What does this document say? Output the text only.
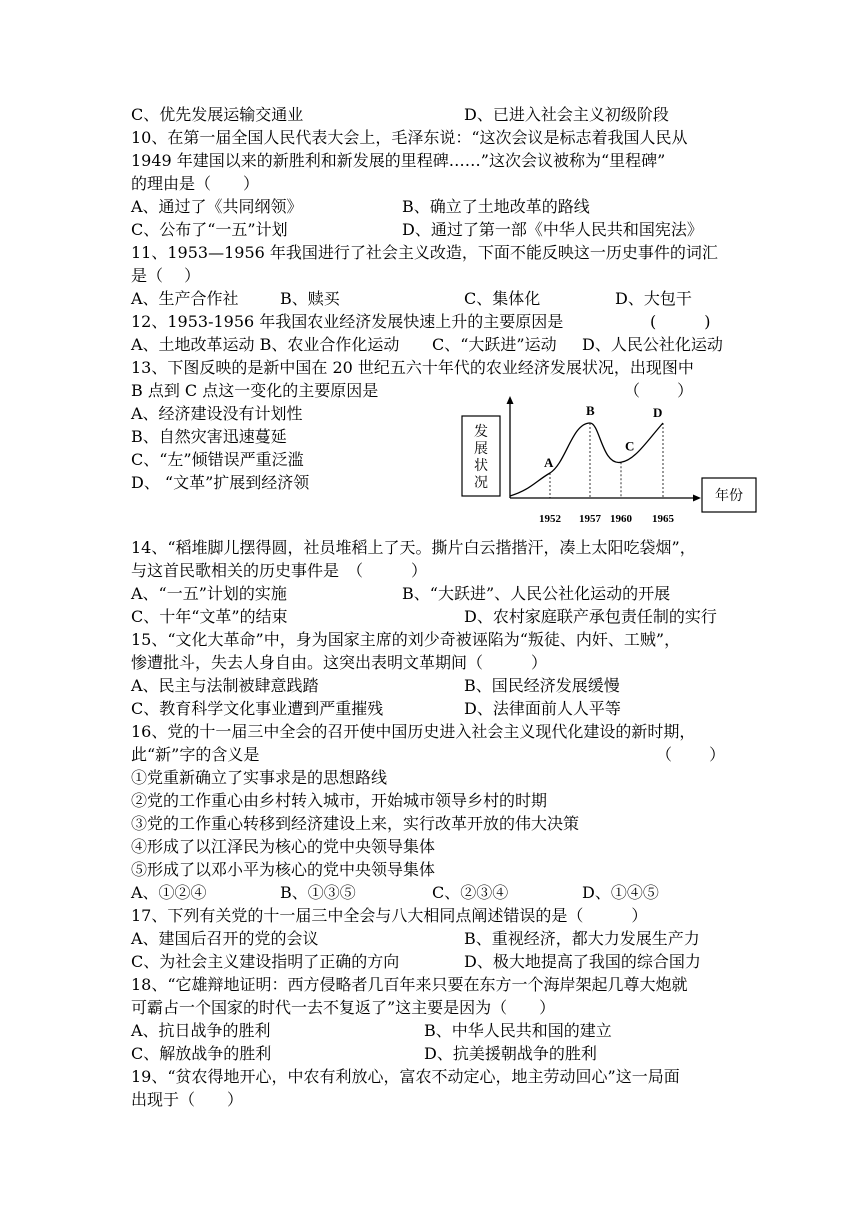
C、优先发展运输交通业	D、已进入社会主义初级阶段
10、在第一届全国人民代表大会上，毛泽东说：“这次会议是标志着我国人民从
1949 年建国以来的新胜利和新发展的里程碑……”这次会议被称为“里程碑”
的理由是（　　）
A、通过了《共同纲领》	B、确立了土地改革的路线
C、公布了“一五”计划	D、通过了第一部《中华人民共和国宪法》
11、1953—1956 年我国进行了社会主义改造，下面不能反映这一历史事件的词汇
是（　 ）
A、生产合作社	B、赎买	C、集体化	D、大包干
12、1953-1956 年我国农业经济发展快速上升的主要原因是	(　　　)
A、土地改革运动 B、农业合作化运动 C、“大跃进”运动 D、人民公社化运动
13、下图反映的是新中国在 20 世纪五六十年代的农业经济发展状况，出现图中
B 点到 C 点这一变化的主要原因是	（　　 ）
A、经济建设没有计划性
B、自然灾害迅速蔓延
C、“左”倾错误严重泛滥
D、 “文革”扩展到经济领
发展状况
年份
A
B
C
D
1952 1957 1960 1965
14、“稻堆脚儿摆得圆，社员堆稻上了天。撕片白云揩揩汗，凑上太阳吃袋烟”，
与这首民歌相关的历史事件是　（　　　）
A、“一五”计划的实施	B、“大跃进”、人民公社化运动的开展
C、十年“文革”的结束	D、农村家庭联产承包责任制的实行
15、“文化大革命”中，身为国家主席的刘少奇被诬陷为“叛徒、内奸、工贼”，
惨遭批斗，失去人身自由。这突出表明文革期间（　　　）
A、民主与法制被肆意践踏	B、国民经济发展缓慢
C、教育科学文化事业遭到严重摧残	D、法律面前人人平等
16、党的十一届三中全会的召开使中国历史进入社会主义现代化建设的新时期，
此“新”字的含义是	（　　 ）
①党重新确立了实事求是的思想路线
②党的工作重心由乡村转入城市，开始城市领导乡村的时期
③党的工作重心转移到经济建设上来，实行改革开放的伟大决策
④形成了以江泽民为核心的党中央领导集体
⑤形成了以邓小平为核心的党中央领导集体
A、①②④	B、①③⑤	C、②③④	D、①④⑤
17、下列有关党的十一届三中全会与八大相同点阐述错误的是（　　　）
A、建国后召开的党的会议	B、重视经济，都大力发展生产力
C、为社会主义建设指明了正确的方向	D、极大地提高了我国的综合国力
18、“它雄辩地证明：西方侵略者几百年来只要在东方一个海岸架起几尊大炮就
可霸占一个国家的时代一去不复返了”这主要是因为（　　）
A、抗日战争的胜利	B、中华人民共和国的建立
C、解放战争的胜利	D、抗美援朝战争的胜利
19、“贫农得地开心，中农有利放心，富农不动定心，地主劳动回心”这一局面
出现于（　　）
